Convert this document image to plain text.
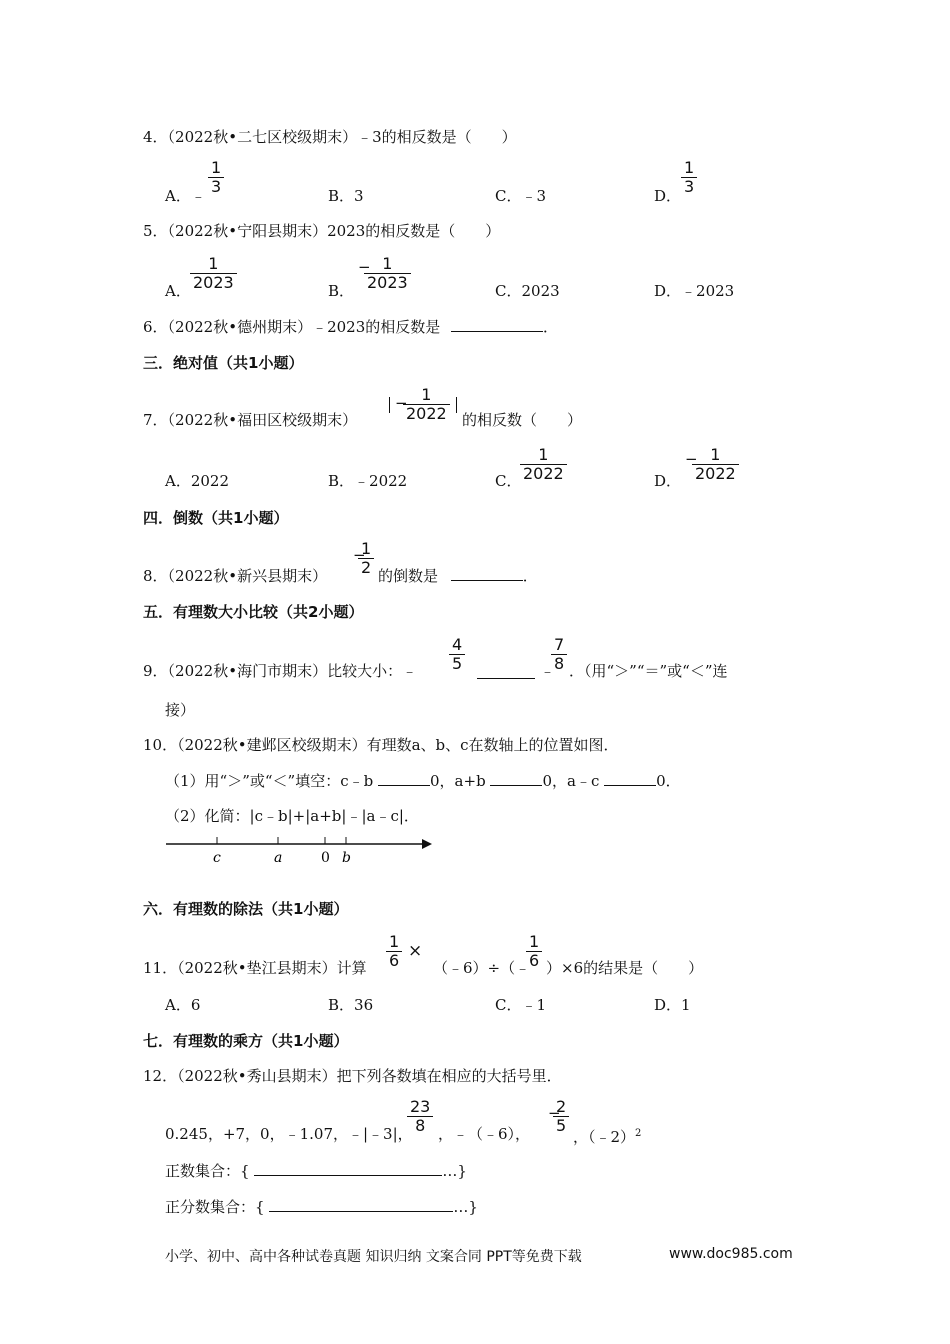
4．（2022秋•二七区校级期末）﹣3的相反数是（　　）
A．﹣ $\frac{1}{3}$	B．3	C．﹣3	D． $\frac{1}{3}$
5．（2022秋•宁阳县期末）2023的相反数是（　　）
A． $\frac{1}{2023}$	B．
−
$\frac{1}{2023}$	C．2023	D．﹣2023
6．（2022秋•德州期末）﹣2023的相反数是	．
三．绝对值（共1小题）
7．（2022秋•福田区校级期末）
−
$\frac{1}{2022}$ 的相反数（　　）
A．2022	B．﹣2022	C．
$\frac{1}{2022}$	D．
−
$\frac{1}{2022}$
四．倒数（共1小题）
8．（2022秋•新兴县期末）
−
$\frac{1}{2}$ 的倒数是	．
五．有理数大小比较（共2小题）
9．（2022秋•海门市期末）比较大小：﹣ $\frac{4}{5}$	﹣
$\frac{7}{8}$ ．（用“＞”“＝”或“＜”连
接）
10．（2022秋•建邺区校级期末）有理数a、b、c在数轴上的位置如图．
（1）用“＞”或“＜”填空：c﹣b	0，a+b	0，a﹣c	0．
（2）化简：|c﹣b|+|a+b|﹣|a﹣c|．
c	a	0 b
六．有理数的除法（共1小题）
11．（2022秋•垫江县期末）计算 $\frac{1}{6}$ ×
（﹣6）÷（﹣
$\frac{1}{6} )\times 6$的结果是（　　）
A．6	B．36	C．﹣1	D．1
七．有理数的乘方（共1小题）
12．（2022秋•秀山县期末）把下列各数填在相应的大括号里．
0.245，+7，0，﹣1.07，﹣|﹣3|，
$\frac{23}{8}$ ，﹣（﹣6），
−
$\frac{2}{5}$
，（﹣2）$^2$
正数集合：{	…}
正分数集合：{	…}
小学、初中、高中各种试卷真题 知识归纳 文案合同 PPT等免费下载	www.doc985.com
